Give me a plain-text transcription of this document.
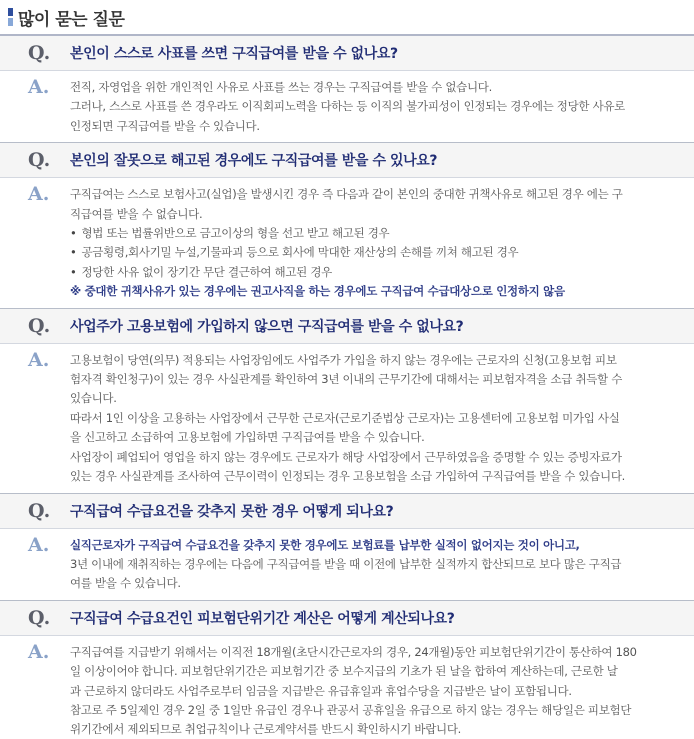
많이 묻는 질문
Q.	본인이 스스로 사표를 쓰면 구직급여를 받을 수 없나요?
A.	전직, 자영업을 위한 개인적인 사유로 사표를 쓰는 경우는 구직급여를 받을 수 없습니다.

그러나, 스스로 사표를 쓴 경우라도 이직회피노력을 다하는 등 이직의 불가피성이 인정되는 경우에는 정당한 사유로

인정되면 구직급여를 받을 수 있습니다.

Q.	본인의 잘못으로 해고된 경우에도 구직급여를 받을 수 있나요?
A.	구직급여는 스스로 보험사고(실업)을 발생시킨 경우 즉 다음과 같이 본인의 중대한 귀책사유로 해고된 경우 에는 구

직급여를 받을 수 없습니다.

• 형법 또는 법률위반으로 금고이상의 형을 선고 받고 해고된 경우

• 공금횡령,회사기밀 누설,기물파괴 등으로 회사에 막대한 재산상의 손해를 끼쳐 해고된 경우

• 정당한 사유 없이 장기간 무단 결근하여 해고된 경우

※ 중대한 귀책사유가 있는 경우에는 권고사직을 하는 경우에도 구직급여 수급대상으로 인정하지 않음

Q.	사업주가 고용보험에 가입하지 않으면 구직급여를 받을 수 없나요?
A.	고용보험이 당연(의무) 적용되는 사업장임에도 사업주가 가입을 하지 않는 경우에는 근로자의 신청(고용보험 피보

험자격 확인청구)이 있는 경우 사실관계를 확인하여 3년 이내의 근무기간에 대해서는 피보험자격을 소급 취득할 수

있습니다.

따라서 1인 이상을 고용하는 사업장에서 근무한 근로자(근로기준법상 근로자)는 고용센터에 고용보험 미가입 사실

을 신고하고 소급하여 고용보험에 가입하면 구직급여를 받을 수 있습니다.

사업장이 폐업되어 영업을 하지 않는 경우에도 근로자가 해당 사업장에서 근무하였음을 증명할 수 있는 증빙자료가

있는 경우 사실관계를 조사하여 근무이력이 인정되는 경우 고용보험을 소급 가입하여 구직급여를 받을 수 있습니다.

Q.	구직급여 수급요건을 갖추지 못한 경우 어떻게 되나요?
A.	실직근로자가 구직급여 수급요건을 갖추지 못한 경우에도 보험료를 납부한 실적이 없어지는 것이 아니고,

3년 이내에 재취직하는 경우에는 다음에 구직급여를 받을 때 이전에 납부한 실적까지 합산되므로 보다 많은 구직급

여를 받을 수 있습니다.

Q.	구직급여 수급요건인 피보험단위기간 계산은 어떻게 계산되나요?
A.	구직급여를 지급받기 위해서는 이직전 18개월(초단시간근로자의 경우, 24개월)동안 피보험단위기간이 통산하여 180

일 이상이어야 합니다. 피보험단위기간은 피보험기간 중 보수지급의 기초가 된 날을 합하여 계산하는데, 근로한 날

과 근로하지 않더라도 사업주로부터 임금을 지급받은 유급휴일과 휴업수당을 지급받은 날이 포함됩니다.

참고로 주 5일제인 경우 2일 중 1일만 유급인 경우나 관공서 공휴일을 유급으로 하지 않는 경우는 해당일은 피보험단

위기간에서 제외되므로 취업규칙이나 근로계약서를 반드시 확인하시기 바랍니다.
